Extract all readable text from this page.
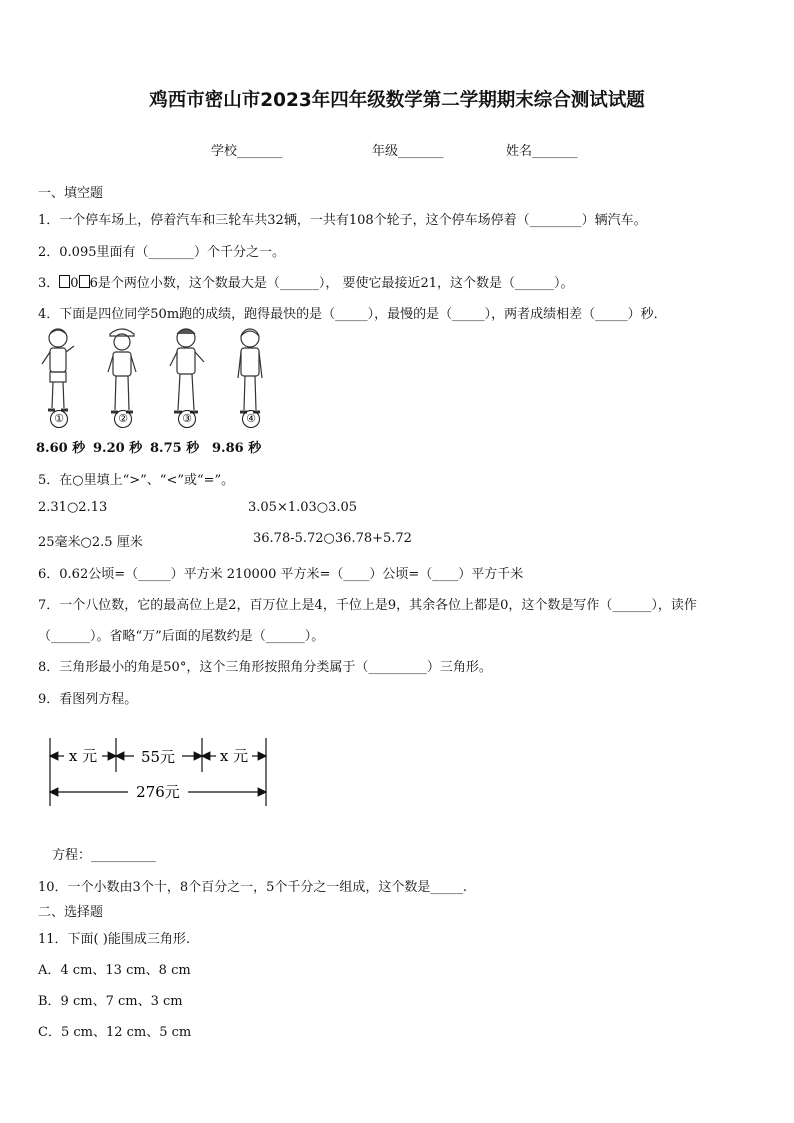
鸡西市密山市2023年四年级数学第二学期期末综合测试试题
学校_______	年级_______	姓名_______
一、填空题
1．一个停车场上，停着汽车和三轮车共32辆，一共有108个轮子，这个停车场停着（________）辆汽车。
2．0.095里面有（_______）个千分之一。
3． 0 6是个两位小数，这个数最大是（______）， 要使它最接近21，这个数是（______）。
4．下面是四位同学50m跑的成绩，跑得最快的是（_____），最慢的是（_____），两者成绩相差（_____）秒．
①	②	③	④
8.60 秒 9.20 秒 8.75 秒 9.86 秒
5．在○里填上“>”、“<”或“=”。
2.31○2.13	3.05×1.03○3.05
25毫米○2.5 厘米	36.78-5.72○36.78+5.72
6．0.62公顷=（_____）平方米 210000 平方米=（____）公顷=（____）平方千米
7．一个八位数，它的最高位上是2，百万位上是4，千位上是9，其余各位上都是0，这个数是写作（______），读作
（______）。省略“万”后面的尾数约是（______）。
8．三角形最小的角是50°，这个三角形按照角分类属于（_________）三角形。
9．看图列方程。
x 元	55元	x 元
276元
方程：__________
10．一个小数由3个十，8个百分之一，5个千分之一组成，这个数是_____.
二、选择题
11．下面( )能围成三角形.
A．4 cm、13 cm、8 cm
B．9 cm、7 cm、3 cm
C．5 cm、12 cm、5 cm
